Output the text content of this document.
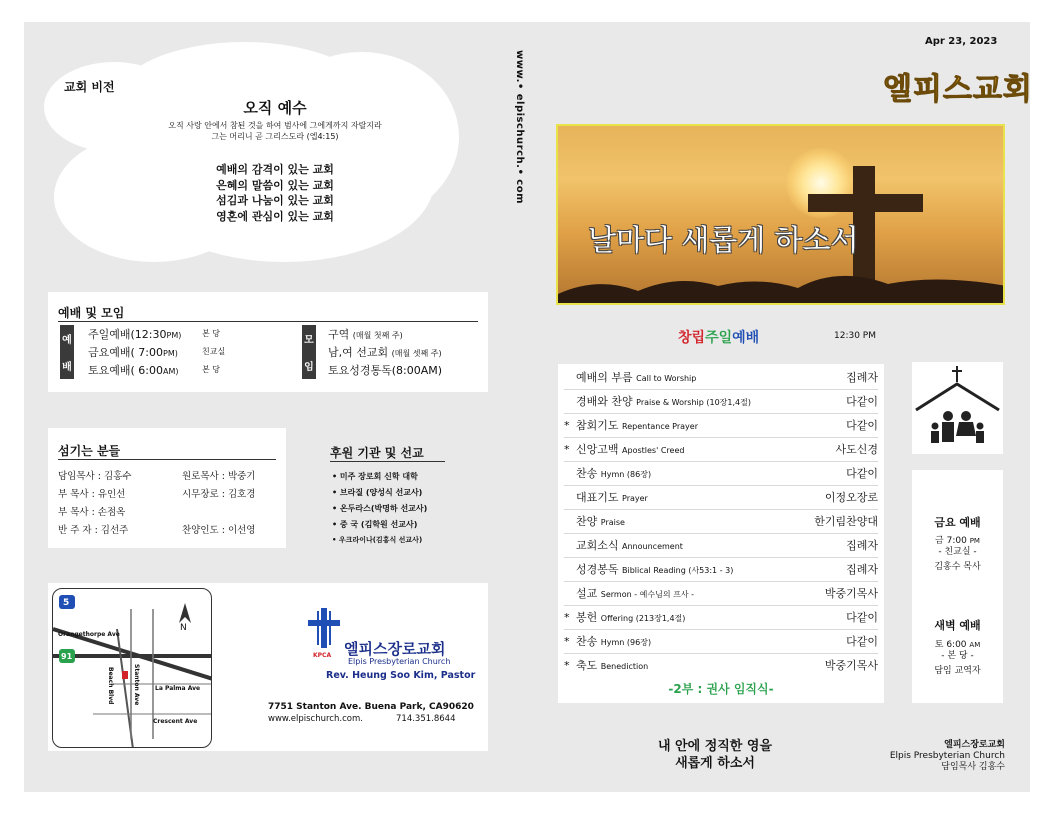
교회 비전
오직 예수
오직 사랑 안에서 참된 것을 하여 범사에 그에게까지 자랄지라
그는 머리니 곧 그리스도라 (엡4:15)
예배의 감격이 있는 교회
은혜의 말씀이 있는 교회
섬김과 나눔이 있는 교회
영혼에 관심이 있는 교회
예배 및 모임
예
배
주일예배(12:30PM)	본 당
금요예배( 7:00PM)	친교실
토요예배( 6:00AM)	본 당
모
임
구역 (매월 첫째 주)
남,여 선교회 (매월 셋째 주)
토요성경통독(8:00AM)
섬기는 분들
담임목사 : 김홍수	원로목사 : 박중기
부 목사 : 유인선	시무장로 : 김호경
부 목사 : 손점옥
반 주 자 : 김선주	찬양인도 : 이선영
후원 기관 및 선교
• 미주 장로회 신학 대학
• 브라질 (양성식 선교사)
• 온두라스(박명하 선교사)
• 중 국 (김학원 선교사)
• 우크라이나(김홍식 선교사)
5
91
N
Orangethorpe Ave
Stanton Ave
Beach Blvd	La Palma Ave
Crescent Ave
KPCA 엘피스장로교회
Elpis Presbyterian Church
Rev. Heung Soo Kim, Pastor
7751 Stanton Ave. Buena Park, CA90620
www.elpischurch.com.	714.351.8644
www.• elpischurch.• com
Apr 23, 2023
엘피스교회
날마다 새롭게 하소서
창립주일예배	12:30 PM
예배의 부름 Call to Worship	집례자
경배와 찬양 Praise & Worship (10장1,4절)	다같이
* 참회기도 Repentance Prayer	다같이
* 신앙고백 Apostles' Creed	사도신경
찬송 Hymn (86장)	다같이
대표기도 Prayer	이정오장로
찬양 Praise	한기림찬양대
교회소식 Announcement	집례자
성경봉독 Biblical Reading (사53:1 - 3)	집례자
설교 Sermon - 예수님의 프사 -	박중기목사
* 봉헌 Offering (213장1,4절)	다같이
* 찬송 Hymn (96장)	다같이
* 축도 Benediction	박중기목사
-2부 : 권사 임직식-
금요 예배
금 7:00 PM
- 친교실 -
김홍수 목사
새벽 예배
토 6:00 AM
- 본 당 -
담임 교역자
내 안에 정직한 영을
새롭게 하소서
엘피스장로교회
Elpis Presbyterian Church
담임목사 김홍수
